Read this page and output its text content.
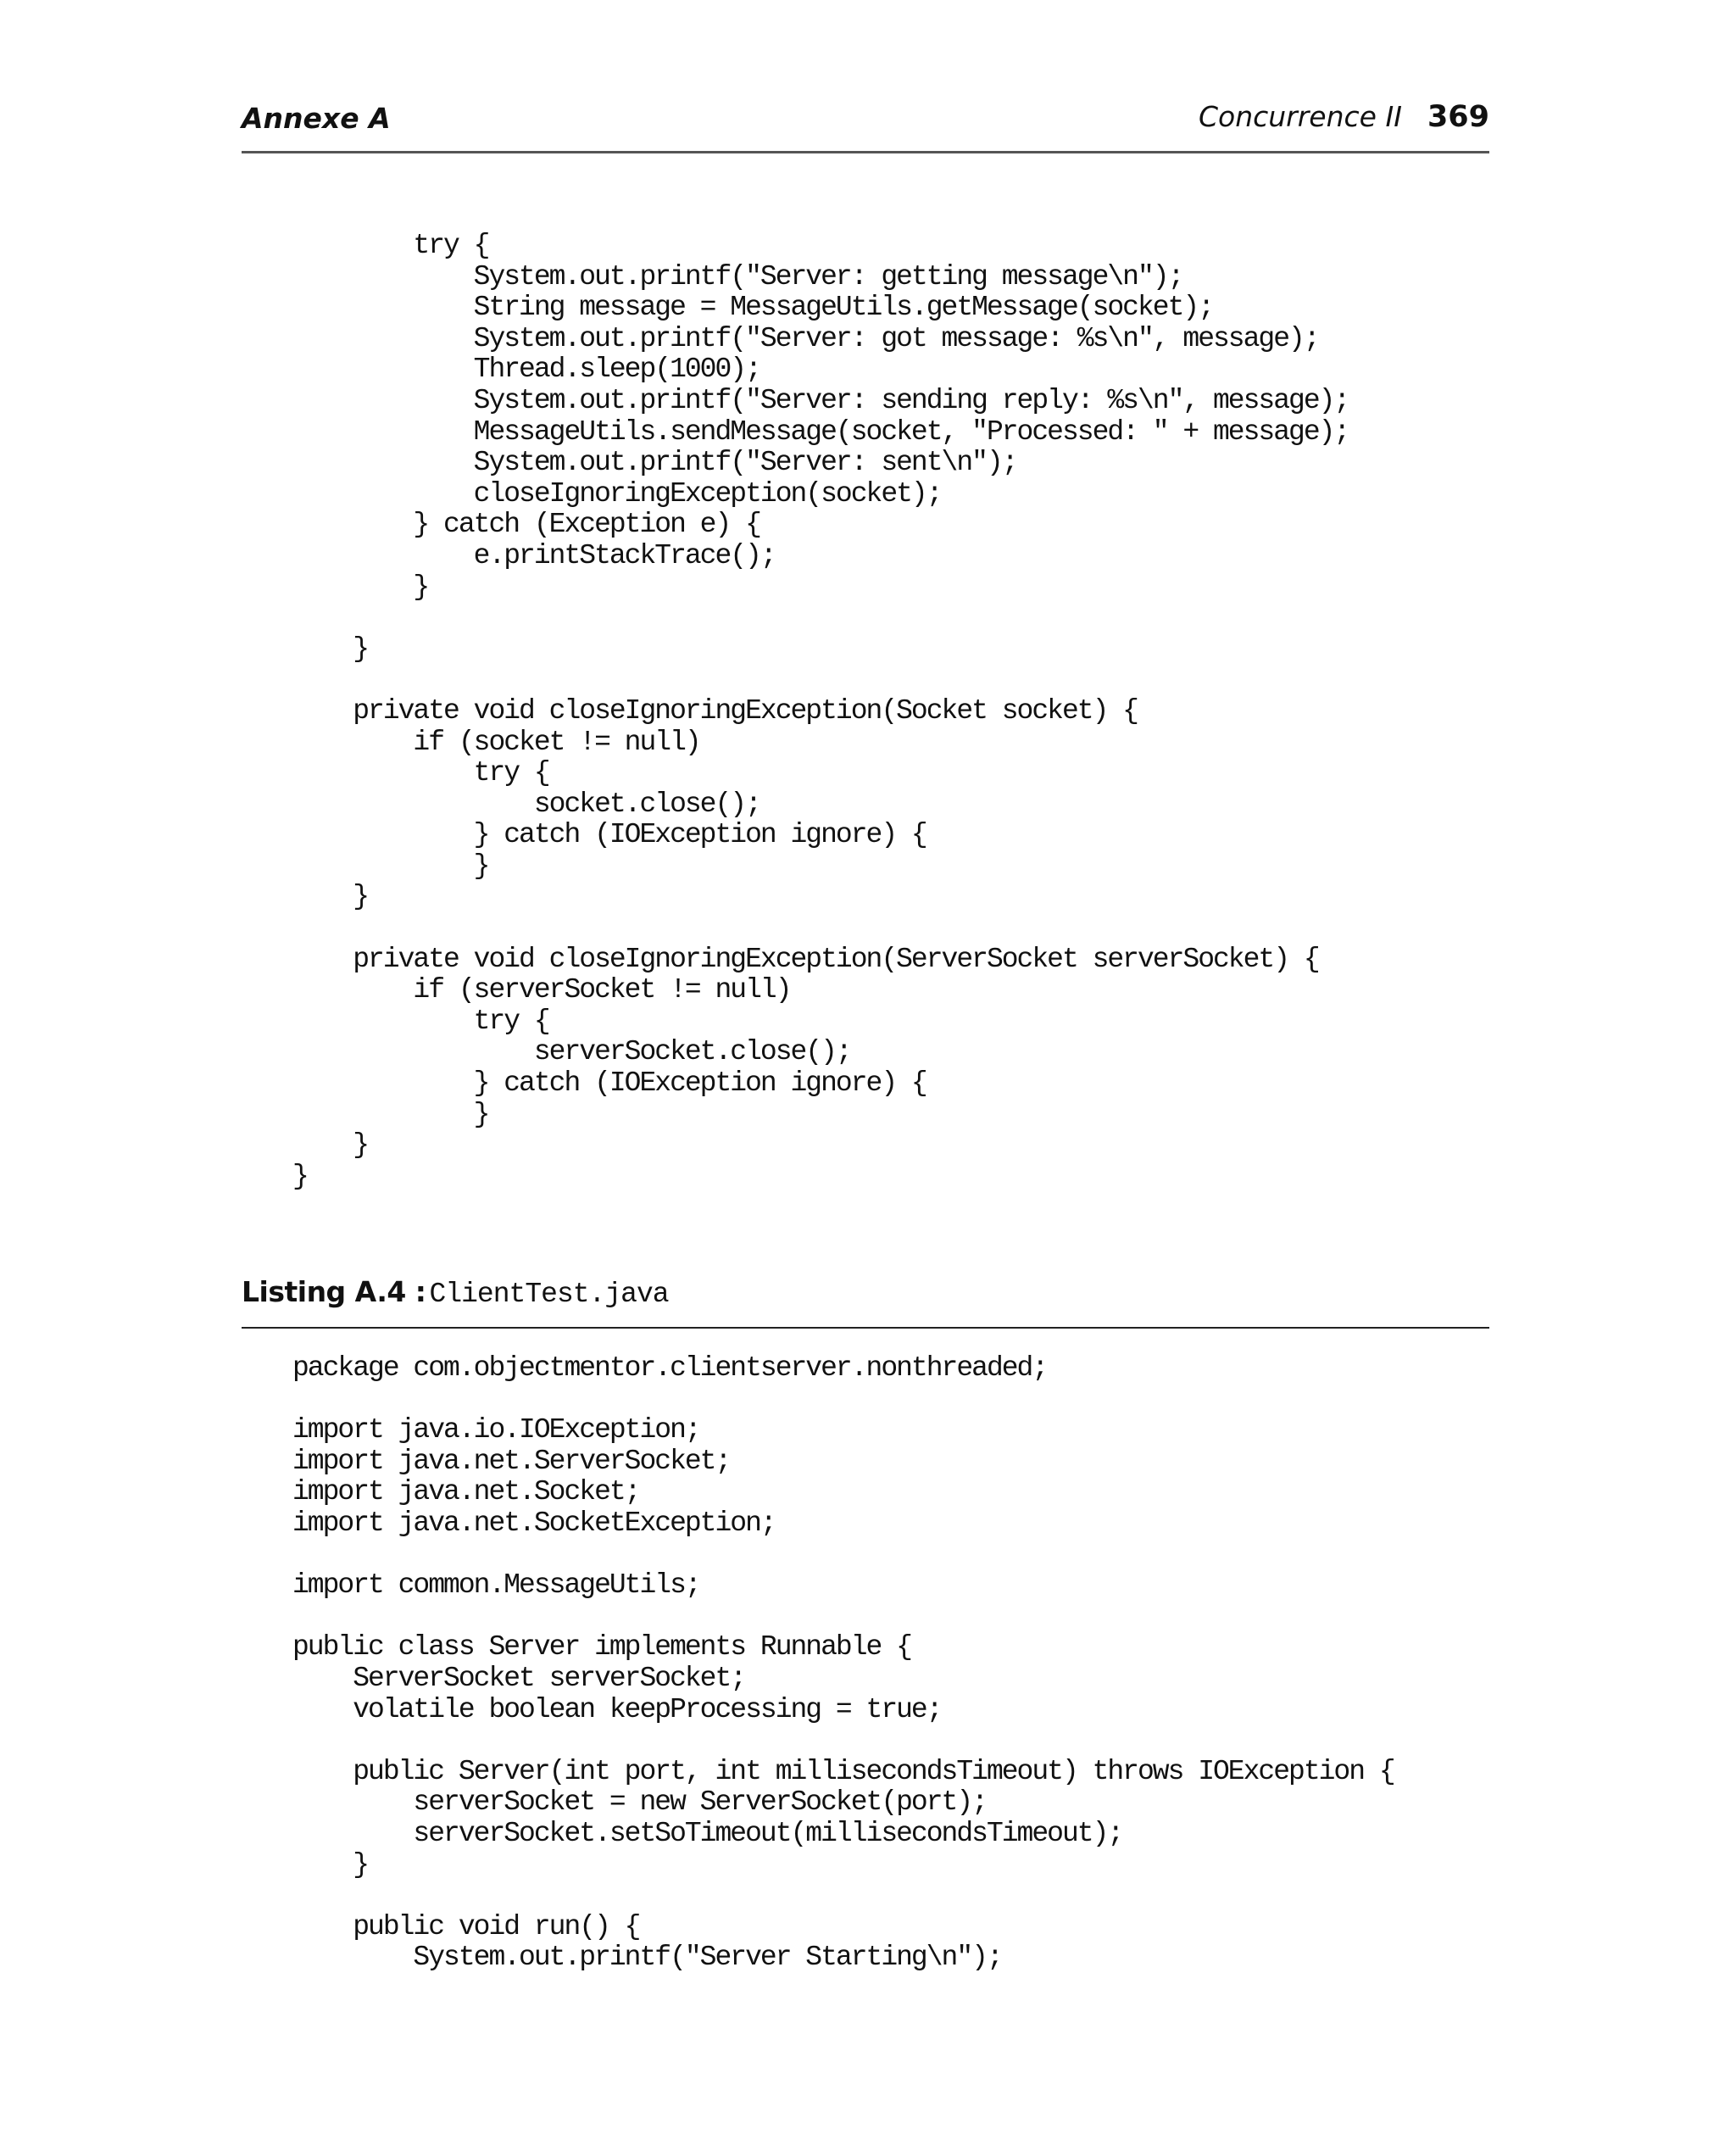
Annexe A	Concurrence II 369
try {
System.out.printf("Server: getting message\n");
String message = MessageUtils.getMessage(socket);
System.out.printf("Server: got message: %s\n", message);
Thread.sleep(1000);
System.out.printf("Server: sending reply: %s\n", message);
MessageUtils.sendMessage(socket, "Processed: " + message);
System.out.printf("Server: sent\n");
closeIgnoringException(socket);
} catch (Exception e) {
e.printStackTrace();
}

}

private void closeIgnoringException(Socket socket) {
if (socket != null)
try {
socket.close();
} catch (IOException ignore) {
}
}

private void closeIgnoringException(ServerSocket serverSocket) {
if (serverSocket != null)
try {
serverSocket.close();
} catch (IOException ignore) {
}
}
}
Listing A.4 : ClientTest.java
package com.objectmentor.clientserver.nonthreaded;

import java.io.IOException;
import java.net.ServerSocket;
import java.net.Socket;
import java.net.SocketException;

import common.MessageUtils;

public class Server implements Runnable {
ServerSocket serverSocket;
volatile boolean keepProcessing = true;

public Server(int port, int millisecondsTimeout) throws IOException {
serverSocket = new ServerSocket(port);
serverSocket.setSoTimeout(millisecondsTimeout);
}

public void run() {
System.out.printf("Server Starting\n");
